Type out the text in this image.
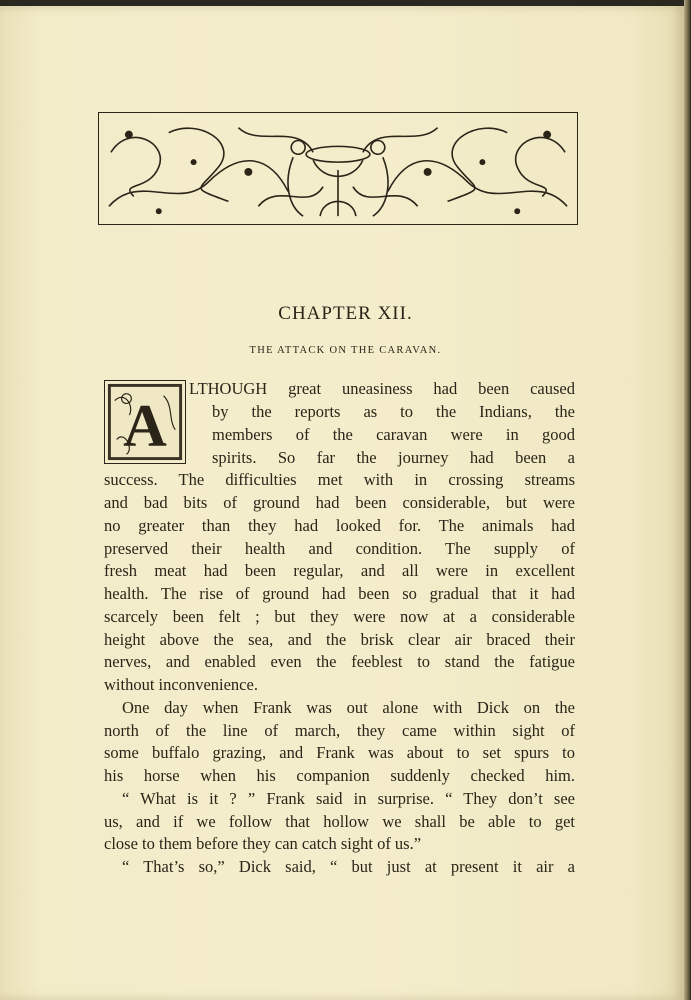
CHAPTER XII.
THE ATTACK ON THE CARAVAN.
A
LTHOUGH great uneasiness had been caused
by the reports as to the Indians, the
members of the caravan were in good
spirits. So far the journey had been a
success. The difficulties met with in crossing streams
and bad bits of ground had been considerable, but were
no greater than they had looked for. The animals had
preserved their health and condition. The supply of
fresh meat had been regular, and all were in excellent
health. The rise of ground had been so gradual that it had
scarcely been felt ; but they were now at a considerable
height above the sea, and the brisk clear air braced their
nerves, and enabled even the feeblest to stand the fatigue
without inconvenience.
One day when Frank was out alone with Dick on the
north of the line of march, they came within sight of
some buffalo grazing, and Frank was about to set spurs to
his horse when his companion suddenly checked him.
“ What is it ? ” Frank said in surprise. “ They don’t see
us, and if we follow that hollow we shall be able to get
close to them before they can catch sight of us.”
“ That’s so,” Dick said, “ but just at present it air a
